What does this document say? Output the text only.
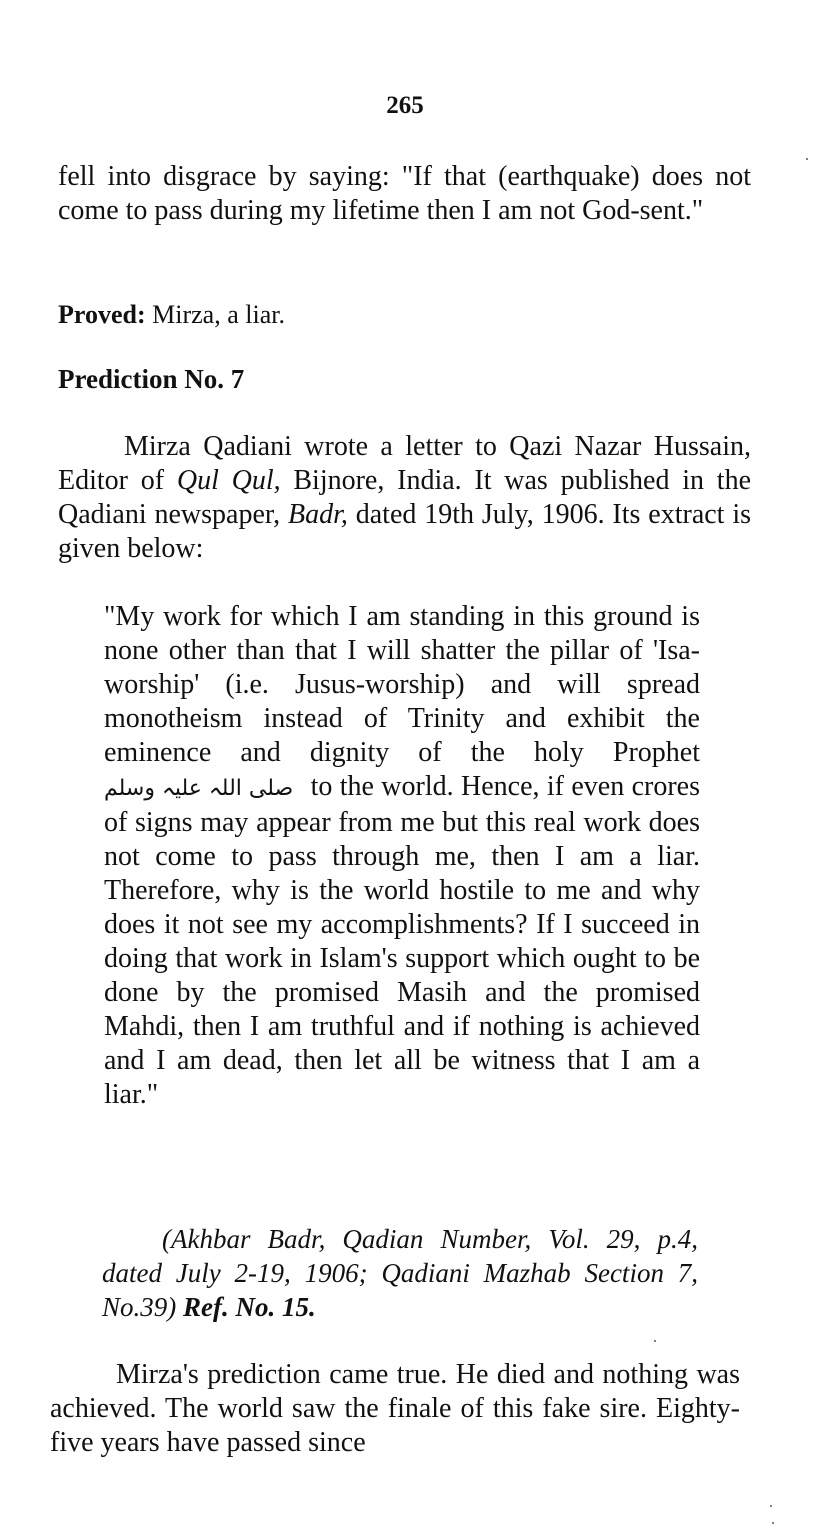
265

fell into disgrace by saying: "If that (earthquake) does not come to pass during my lifetime then I am not God-sent."

Proved: Mirza, a liar.

Prediction No. 7

Mirza Qadiani wrote a letter to Qazi Nazar Hussain, Editor of Qul Qul, Bijnore, India. It was published in the Qadiani newspaper, Badr, dated 19th July, 1906. Its extract is given below:

"My work for which I am standing in this ground is none other than that I will shatter the pillar of 'Isa-worship' (i.e. Jusus-worship) and will spread monotheism instead of Trinity and exhibit the eminence and dignity of the holy Prophet صلی اللہ علیہ وسلم to the world. Hence, if even crores of signs may appear from me but this real work does not come to pass through me, then I am a liar. Therefore, why is the world hostile to me and why does it not see my accomplishments? If I succeed in doing that work in Islam's support which ought to be done by the promised Masih and the promised Mahdi, then I am truthful and if nothing is achieved and I am dead, then let all be witness that I am a liar."

(Akhbar Badr, Qadian Number, Vol. 29, p.4, dated July 2-19, 1906; Qadiani Mazhab Section 7, No.39) Ref. No. 15.

Mirza's prediction came true. He died and nothing was achieved. The world saw the finale of this fake sire. Eighty-five years have passed since
